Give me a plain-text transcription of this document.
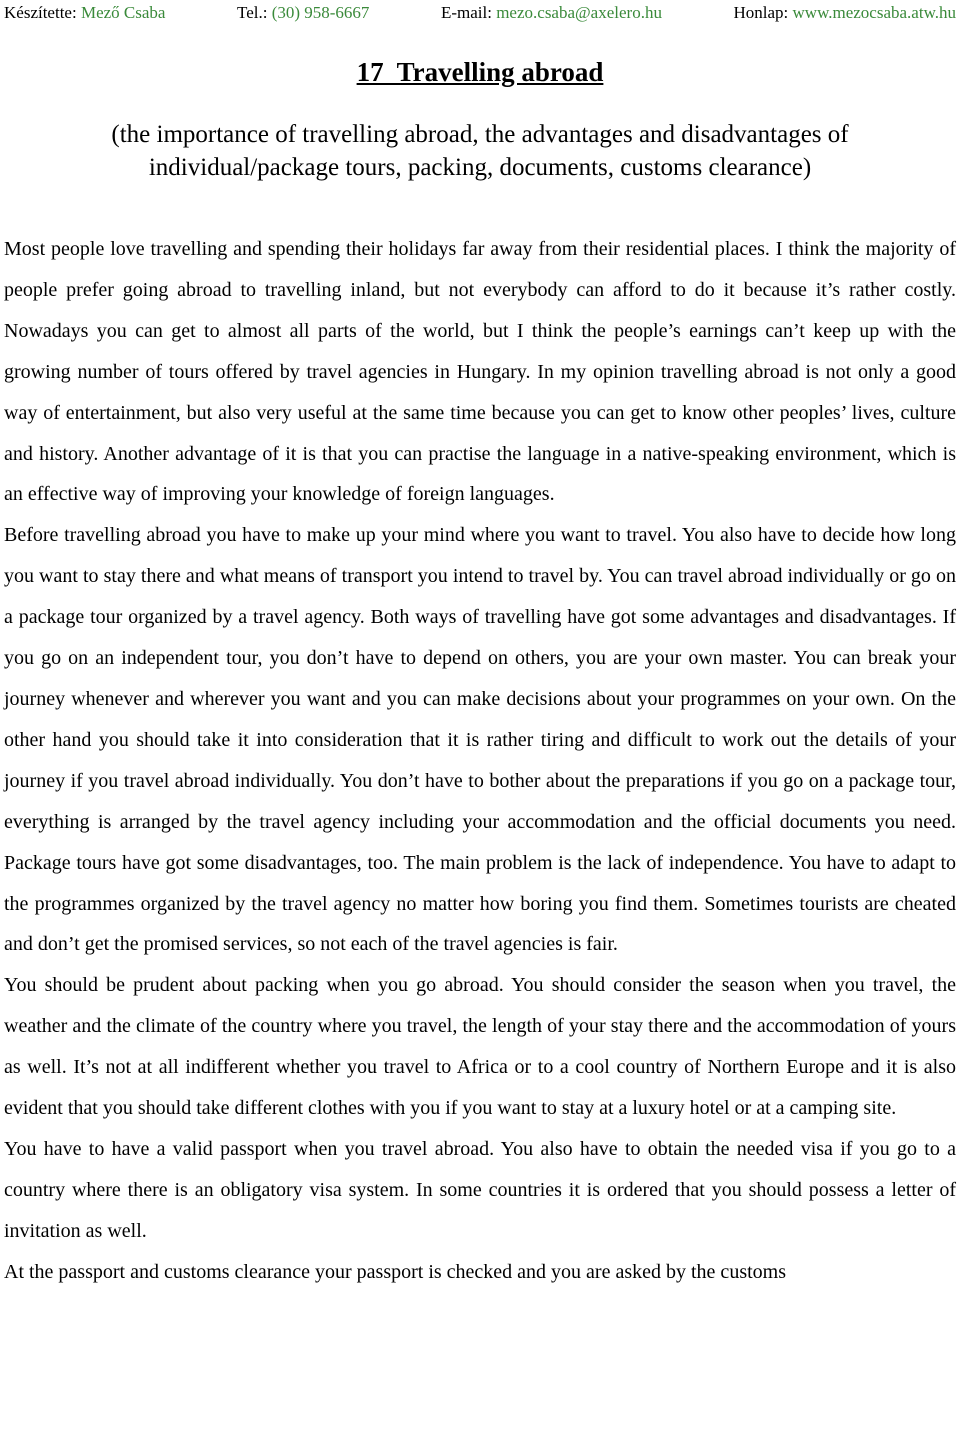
Készítette: Mező Csaba	Tel.: (30) 958-6667	E-mail: mezo.csaba@axelero.hu	Honlap: www.mezocsaba.atw.hu
17  Travelling abroad
(the importance of travelling abroad, the advantages and disadvantages of individual/package tours, packing, documents, customs clearance)

Most people love travelling and spending their holidays far away from their residential places. I think the majority of people prefer going abroad to travelling inland, but not everybody can afford to do it because it’s rather costly. Nowadays you can get to almost all parts of the world, but I think the people’s earnings can’t keep up with the growing number of tours offered by travel agencies in Hungary. In my opinion travelling abroad is not only a good way of entertainment, but also very useful at the same time because you can get to know other peoples’ lives, culture and history. Another advantage of it is that you can practise the language in a native-speaking environment, which is an effective way of improving your knowledge of foreign languages.

Before travelling abroad you have to make up your mind where you want to travel. You also have to decide how long you want to stay there and what means of transport you intend to travel by. You can travel abroad individually or go on a package tour organized by a travel agency. Both ways of travelling have got some advantages and disadvantages. If you go on an independent tour, you don’t have to depend on others, you are your own master. You can break your journey whenever and wherever you want and you can make decisions about your programmes on your own. On the other hand you should take it into consideration that it is rather tiring and difficult to work out the details of your journey if you travel abroad individually. You don’t have to bother about the preparations if you go on a package tour, everything is arranged by the travel agency including your accommodation and the official documents you need. Package tours have got some disadvantages, too. The main problem is the lack of independence. You have to adapt to the programmes organized by the travel agency no matter how boring you find them. Sometimes tourists are cheated and don’t get the promised services, so not each of the travel agencies is fair.

You should be prudent about packing when you go abroad. You should consider the season when you travel, the weather and the climate of the country where you travel, the length of your stay there and the accommodation of yours as well. It’s not at all indifferent whether you travel to Africa or to a cool country of Northern Europe and it is also evident that you should take different clothes with you if you want to stay at a luxury hotel or at a camping site.

You have to have a valid passport when you travel abroad. You also have to obtain the needed visa if you go to a country where there is an obligatory visa system. In some countries it is ordered that you should possess a letter of invitation as well.

At the passport and customs clearance your passport is checked and you are asked by the customs
